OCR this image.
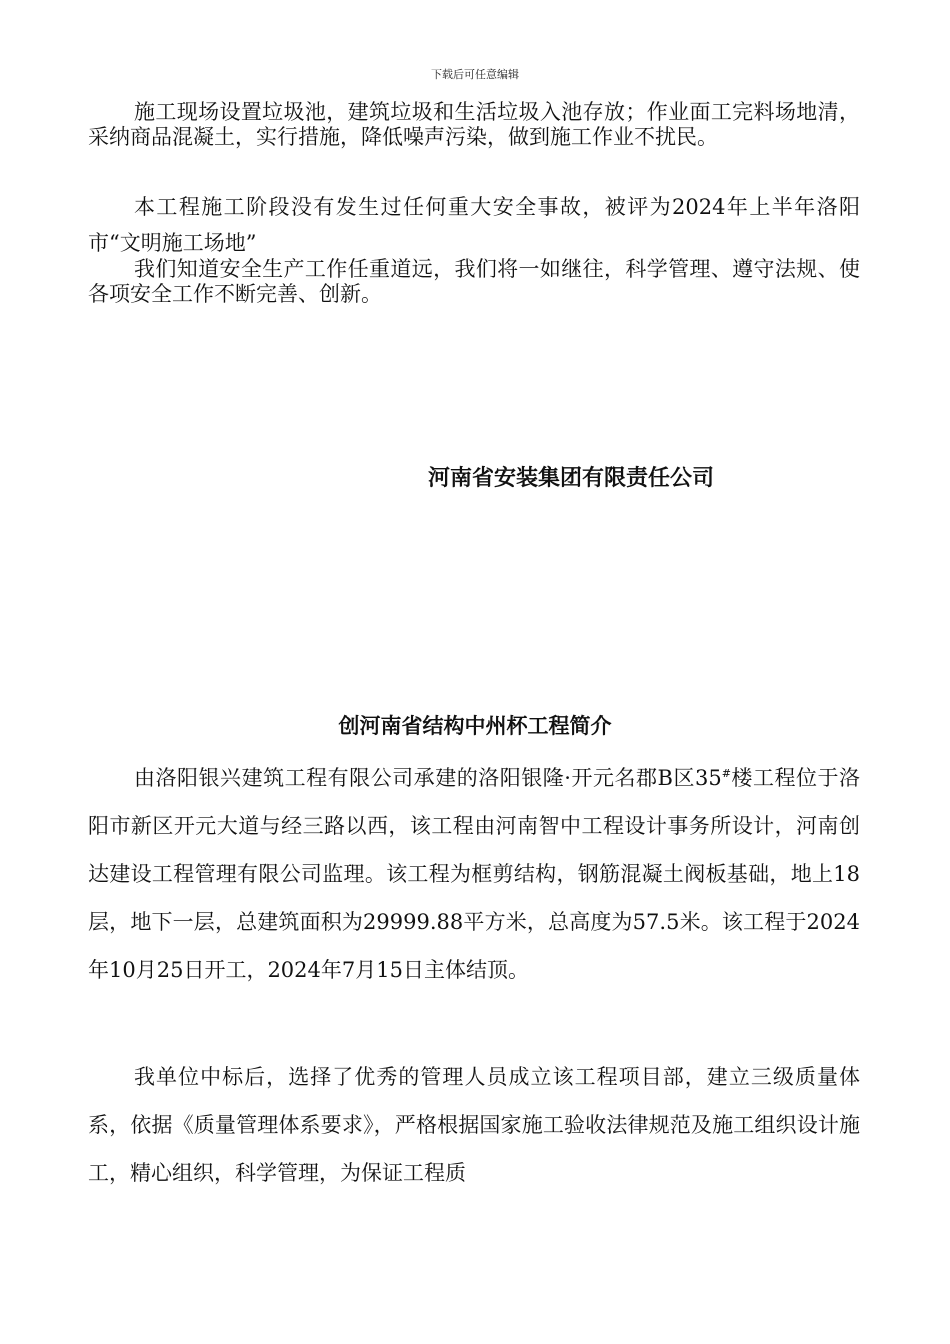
下载后可任意编辑

施工现场设置垃圾池，建筑垃圾和生活垃圾入池存放；作业面工完料场地清，采纳商品混凝土，实行措施，降低噪声污染，做到施工作业不扰民。

本工程施工阶段没有发生过任何重大安全事故，被评为2024年上半年洛阳市“文明施工场地”

我们知道安全生产工作任重道远，我们将一如继往，科学管理、遵守法规、使各项安全工作不断完善、创新。

河南省安装集团有限责任公司
创河南省结构中州杯工程简介

由洛阳银兴建筑工程有限公司承建的洛阳银隆·开元名郡B区35#楼工程位于洛阳市新区开元大道与经三路以西，该工程由河南智中工程设计事务所设计，河南创达建设工程管理有限公司监理。该工程为框剪结构，钢筋混凝土阀板基础，地上18层，地下一层，总建筑面积为29999.88平方米，总高度为57.5米。该工程于2024年10月25日开工，2024年7月15日主体结顶。

我单位中标后，选择了优秀的管理人员成立该工程项目部，建立三级质量体系，依据《质量管理体系要求》，严格根据国家施工验收法律规范及施工组织设计施工，精心组织，科学管理，为保证工程质
